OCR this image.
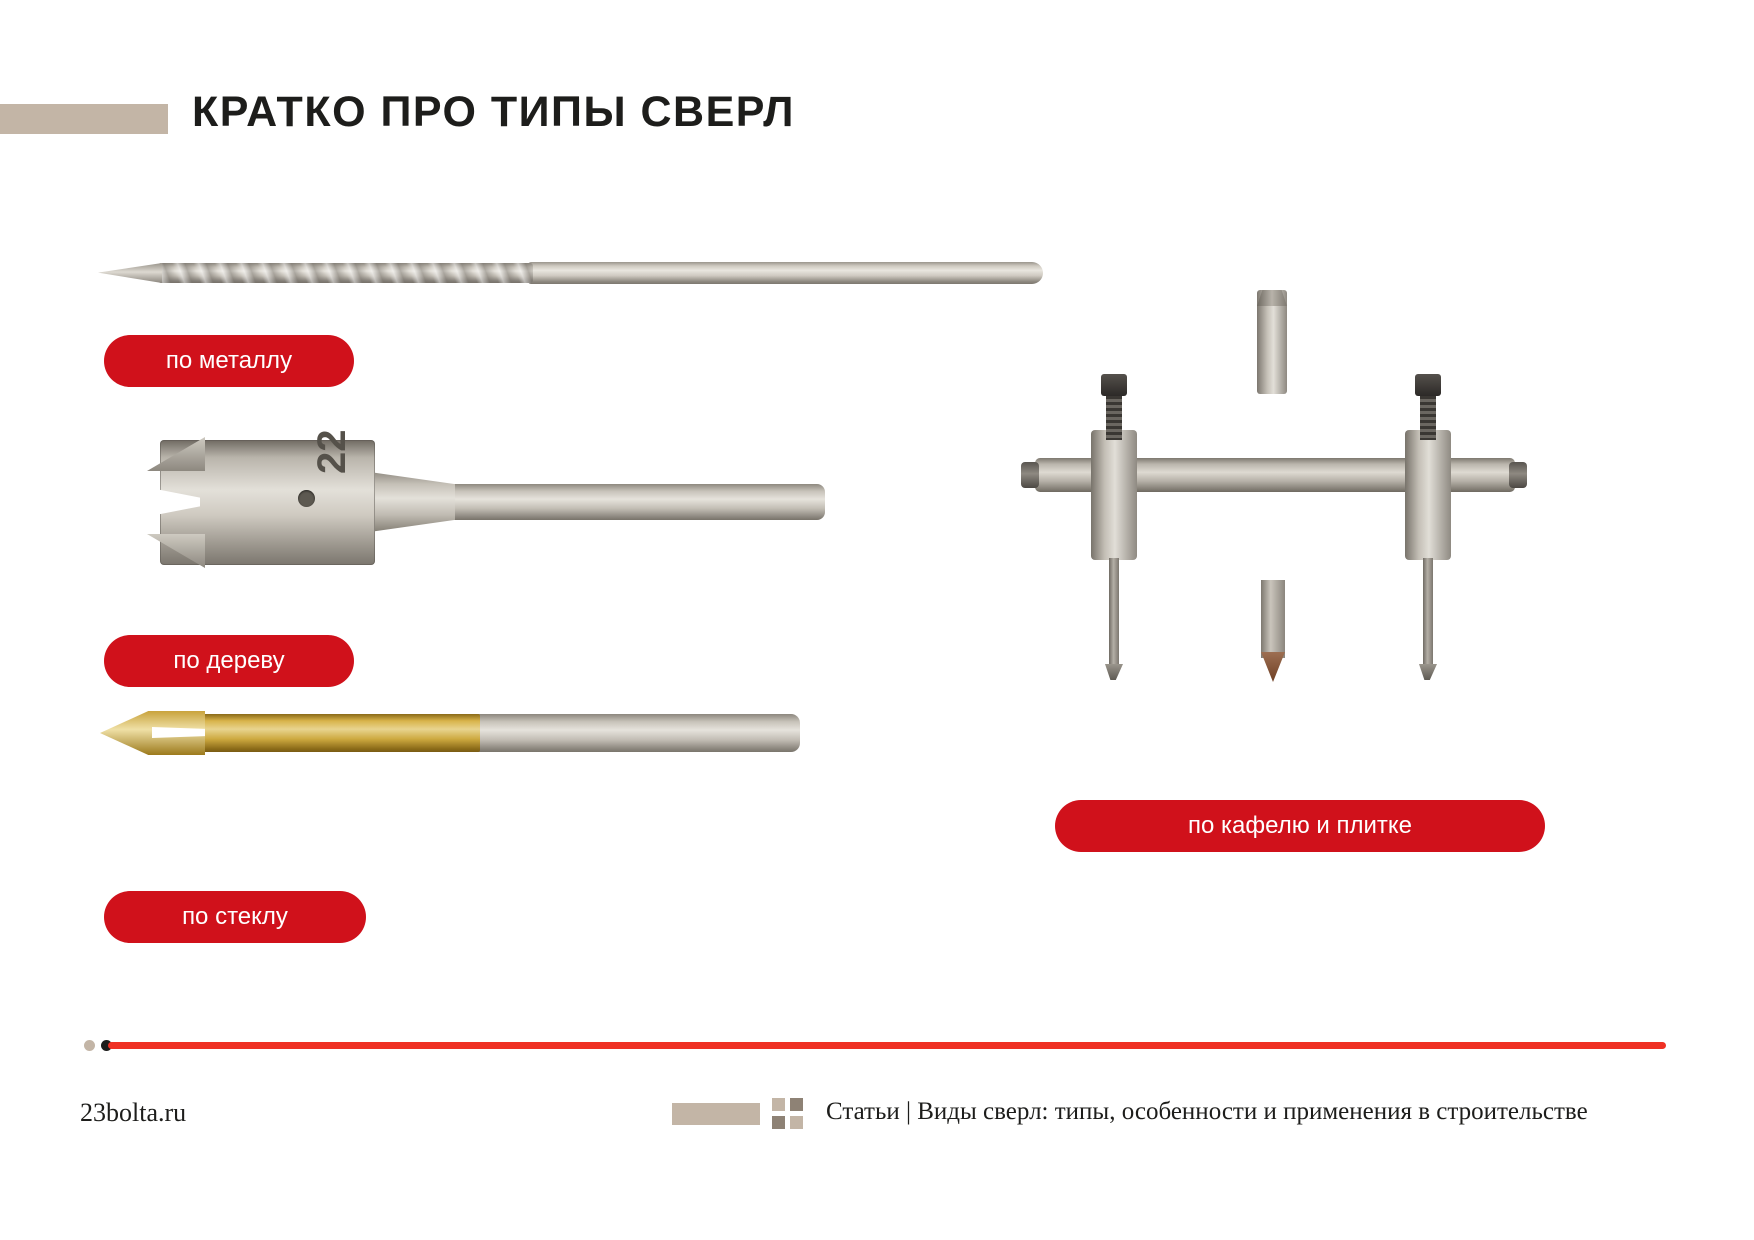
КРАТКО ПРО ТИПЫ СВЕРЛ
по металлу
22
по дереву
по стеклу
по кафелю и плитке
23bolta.ru	Статьи | Виды сверл: типы, особенности и применения в строительстве
